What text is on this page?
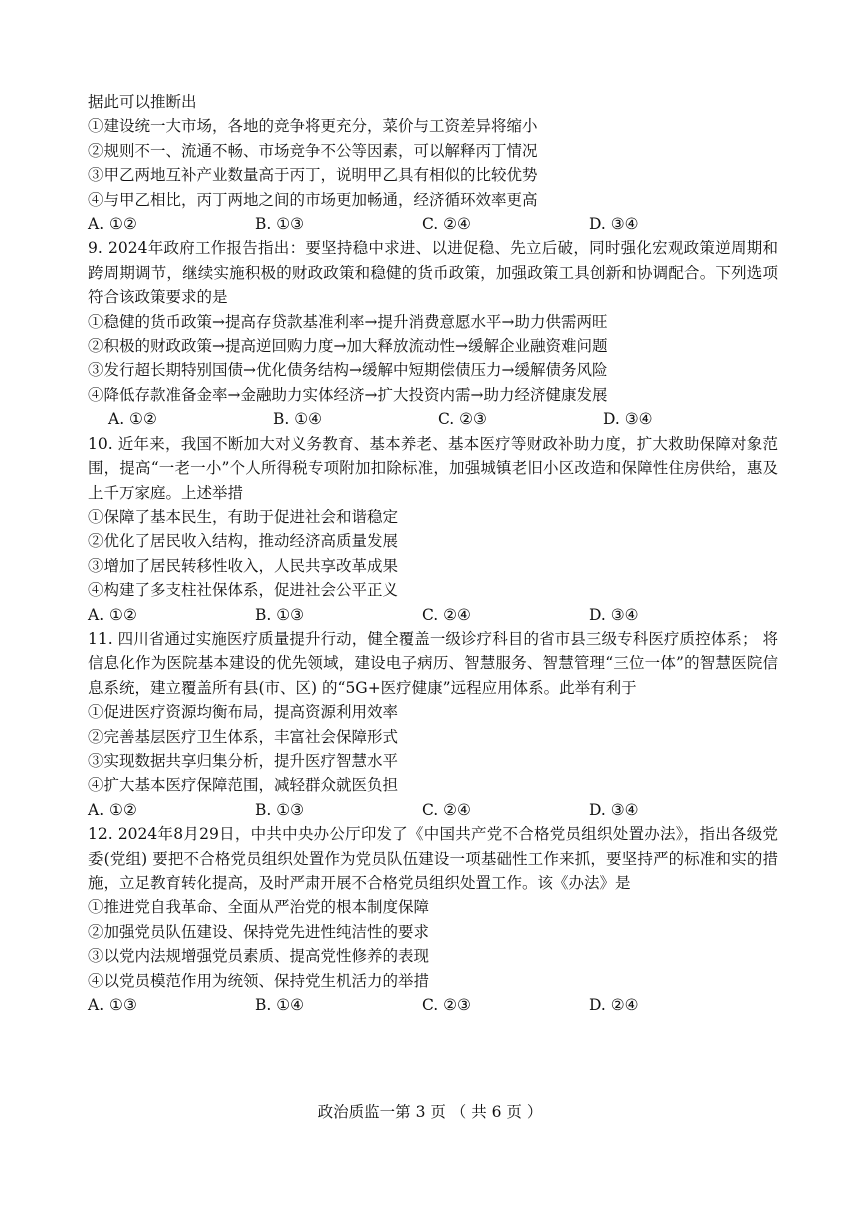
据此可以推断出
①建设统一大市场，各地的竞争将更充分，菜价与工资差异将缩小
②规则不一、流通不畅、市场竞争不公等因素，可以解释丙丁情况
③甲乙两地互补产业数量高于丙丁，说明甲乙具有相似的比较优势
④与甲乙相比，丙丁两地之间的市场更加畅通，经济循环效率更高
A. ①②	B. ①③	C. ②④	D. ③④
9. 2024年政府工作报告指出：要坚持稳中求进、以进促稳、先立后破，同时强化宏观政策逆周期和跨周期调节，继续实施积极的财政政策和稳健的货币政策，加强政策工具创新和协调配合。下列选项符合该政策要求的是
①稳健的货币政策→提高存贷款基准利率→提升消费意愿水平→助力供需两旺
②积极的财政政策→提高逆回购力度→加大释放流动性→缓解企业融资难问题
③发行超长期特别国债→优化债务结构→缓解中短期偿债压力→缓解债务风险
④降低存款准备金率→金融助力实体经济→扩大投资内需→助力经济健康发展
A. ①②	B. ①④	C. ②③	D. ③④
10. 近年来，我国不断加大对义务教育、基本养老、基本医疗等财政补助力度，扩大救助保障对象范围，提高“一老一小”个人所得税专项附加扣除标准，加强城镇老旧小区改造和保障性住房供给，惠及上千万家庭。上述举措
①保障了基本民生，有助于促进社会和谐稳定
②优化了居民收入结构，推动经济高质量发展
③增加了居民转移性收入，人民共享改革成果
④构建了多支柱社保体系，促进社会公平正义
A. ①②	B. ①③	C. ②④	D. ③④
11. 四川省通过实施医疗质量提升行动，健全覆盖一级诊疗科目的省市县三级专科医疗质控体系； 将信息化作为医院基本建设的优先领域，建设电子病历、智慧服务、智慧管理“三位一体”的智慧医院信息系统，建立覆盖所有县(市、区) 的“5G+医疗健康”远程应用体系。此举有利于
①促进医疗资源均衡布局，提高资源利用效率
②完善基层医疗卫生体系，丰富社会保障形式
③实现数据共享归集分析，提升医疗智慧水平
④扩大基本医疗保障范围，减轻群众就医负担
A. ①②	B. ①③	C. ②④	D. ③④
12. 2024年8月29日，中共中央办公厅印发了《中国共产党不合格党员组织处置办法》，指出各级党委(党组) 要把不合格党员组织处置作为党员队伍建设一项基础性工作来抓，要坚持严的标准和实的措施，立足教育转化提高，及时严肃开展不合格党员组织处置工作。该《办法》是
①推进党自我革命、全面从严治党的根本制度保障
②加强党员队伍建设、保持党先进性纯洁性的要求
③以党内法规增强党员素质、提高党性修养的表现
④以党员模范作用为统领、保持党生机活力的举措
A. ①③	B. ①④	C. ②③	D. ②④
政治质监一第 3 页 （ 共 6 页 ）
